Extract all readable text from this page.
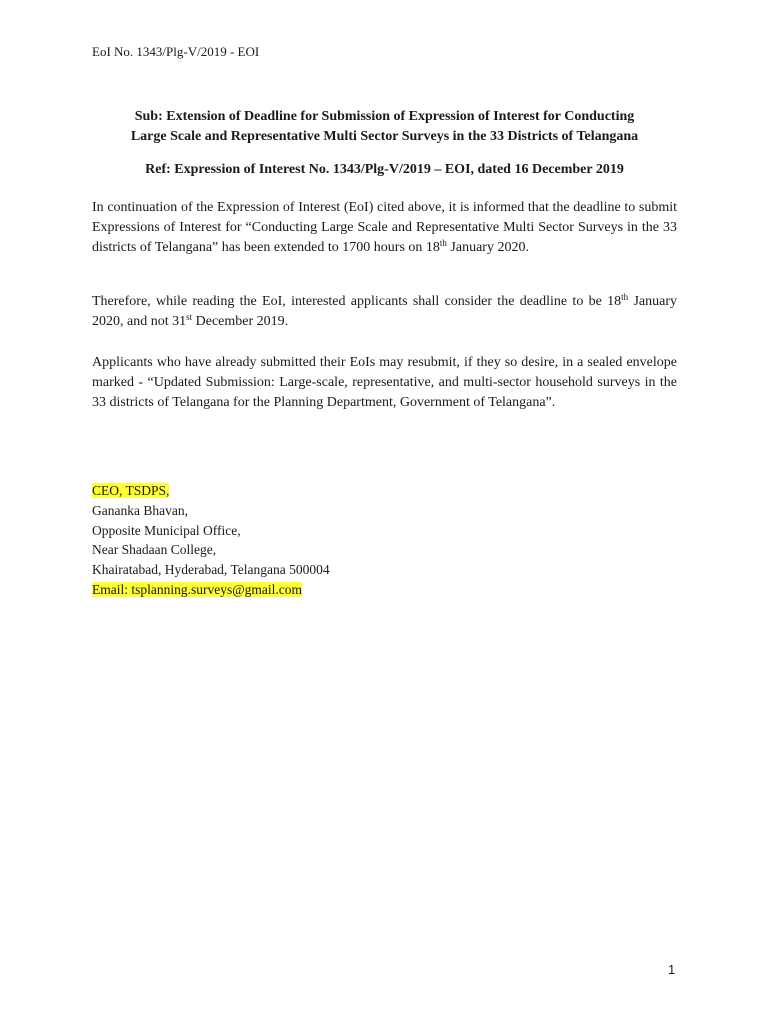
EoI No. 1343/Plg-V/2019 - EOI
Sub: Extension of Deadline for Submission of Expression of Interest for Conducting
Large Scale and Representative Multi Sector Surveys in the 33 Districts of Telangana
Ref: Expression of Interest No. 1343/Plg-V/2019 – EOI, dated 16 December 2019
In continuation of the Expression of Interest (EoI) cited above, it is informed that the deadline to submit Expressions of Interest for “Conducting Large Scale and Representative Multi Sector Surveys in the 33 districts of Telangana” has been extended to 1700 hours on 18th January 2020.
Therefore, while reading the EoI, interested applicants shall consider the deadline to be 18th January 2020, and not 31st December 2019.
Applicants who have already submitted their EoIs may resubmit, if they so desire, in a sealed envelope marked - “Updated Submission: Large-scale, representative, and multi-sector household surveys in the 33 districts of Telangana for the Planning Department, Government of Telangana”.
CEO, TSDPS,
Gananka Bhavan,
Opposite Municipal Office,
Near Shadaan College,
Khairatabad, Hyderabad, Telangana 500004
Email: tsplanning.surveys@gmail.com
1
